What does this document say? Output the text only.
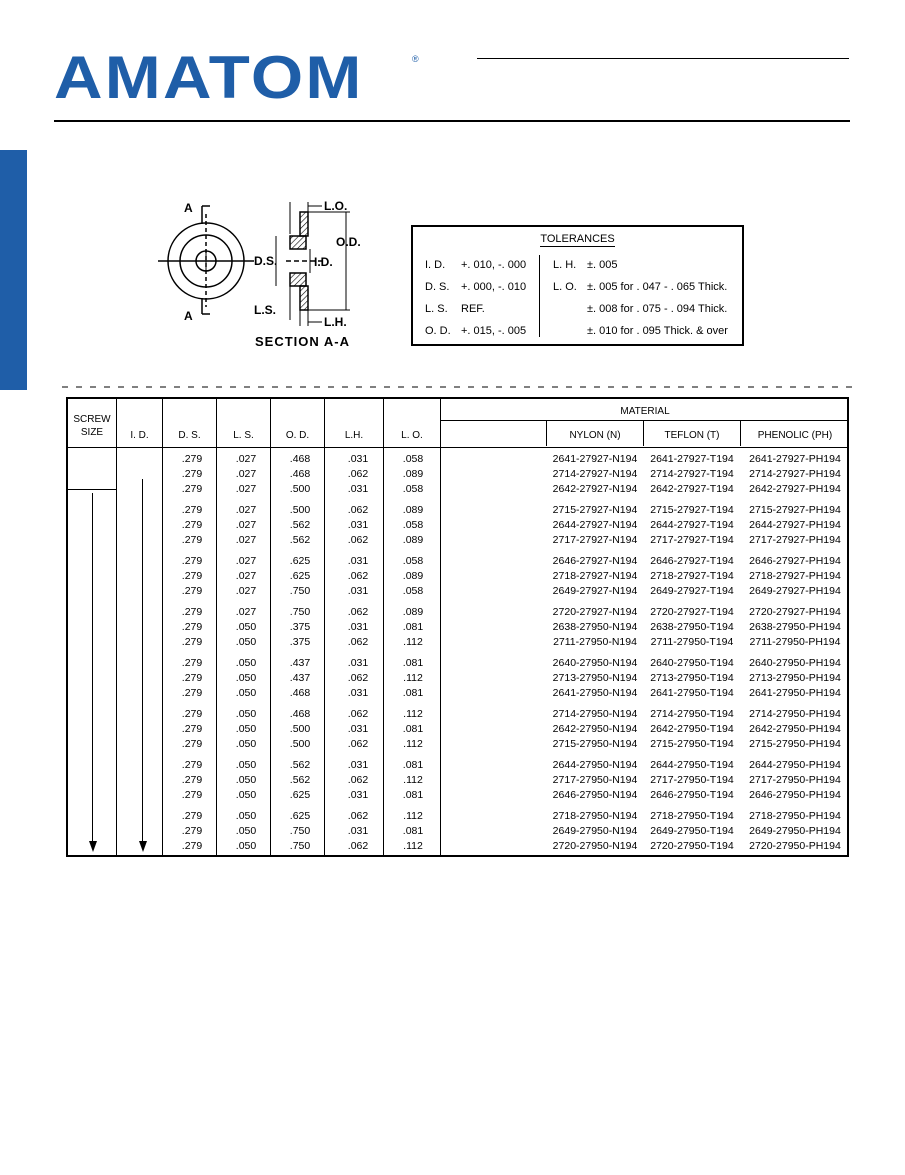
AMATOM	®
A
A
L.O.
O.D.
D.S.	I.D.
L.S.
L.H.
SECTION A-A
TOLERANCES
I. D. +. 010, -. 000
D. S. +. 000, -. 010
L. S. REF.
O. D. +. 015, -. 005
L. H. ±. 005
L. O. ±. 005 for . 047 - . 065 Thick.
±. 008 for . 075 - . 094 Thick.
±. 010 for . 095 Thick. & over
SCREW SIZE	I. D.	D. S.	L. S.	O. D.	L.H.	L. O.
MATERIAL
NYLON (N)	TEFLON (T)	PHENOLIC (PH)
.279	.027	.468	.031	.058	2641-27927-N194	2641-27927-T194	2641-27927-PH194
.279	.027	.468	.062	.089	2714-27927-N194	2714-27927-T194	2714-27927-PH194
.279	.027	.500	.031	.058	2642-27927-N194	2642-27927-T194	2642-27927-PH194
.279	.027	.500	.062	.089	2715-27927-N194	2715-27927-T194	2715-27927-PH194
.279	.027	.562	.031	.058	2644-27927-N194	2644-27927-T194	2644-27927-PH194
.279	.027	.562	.062	.089	2717-27927-N194	2717-27927-T194	2717-27927-PH194
.279	.027	.625	.031	.058	2646-27927-N194	2646-27927-T194	2646-27927-PH194
.279	.027	.625	.062	.089	2718-27927-N194	2718-27927-T194	2718-27927-PH194
.279	.027	.750	.031	.058	2649-27927-N194	2649-27927-T194	2649-27927-PH194
.279	.027	.750	.062	.089	2720-27927-N194	2720-27927-T194	2720-27927-PH194
.279	.050	.375	.031	.081	2638-27950-N194	2638-27950-T194	2638-27950-PH194
.279	.050	.375	.062	.112	2711-27950-N194	2711-27950-T194	2711-27950-PH194
.279	.050	.437	.031	.081	2640-27950-N194	2640-27950-T194	2640-27950-PH194
.279	.050	.437	.062	.112	2713-27950-N194	2713-27950-T194	2713-27950-PH194
.279	.050	.468	.031	.081	2641-27950-N194	2641-27950-T194	2641-27950-PH194
.279	.050	.468	.062	.112	2714-27950-N194	2714-27950-T194	2714-27950-PH194
.279	.050	.500	.031	.081	2642-27950-N194	2642-27950-T194	2642-27950-PH194
.279	.050	.500	.062	.112	2715-27950-N194	2715-27950-T194	2715-27950-PH194
.279	.050	.562	.031	.081	2644-27950-N194	2644-27950-T194	2644-27950-PH194
.279	.050	.562	.062	.112	2717-27950-N194	2717-27950-T194	2717-27950-PH194
.279	.050	.625	.031	.081	2646-27950-N194	2646-27950-T194	2646-27950-PH194
.279	.050	.625	.062	.112	2718-27950-N194	2718-27950-T194	2718-27950-PH194
.279	.050	.750	.031	.081	2649-27950-N194	2649-27950-T194	2649-27950-PH194
.279	.050	.750	.062	.112	2720-27950-N194	2720-27950-T194	2720-27950-PH194
